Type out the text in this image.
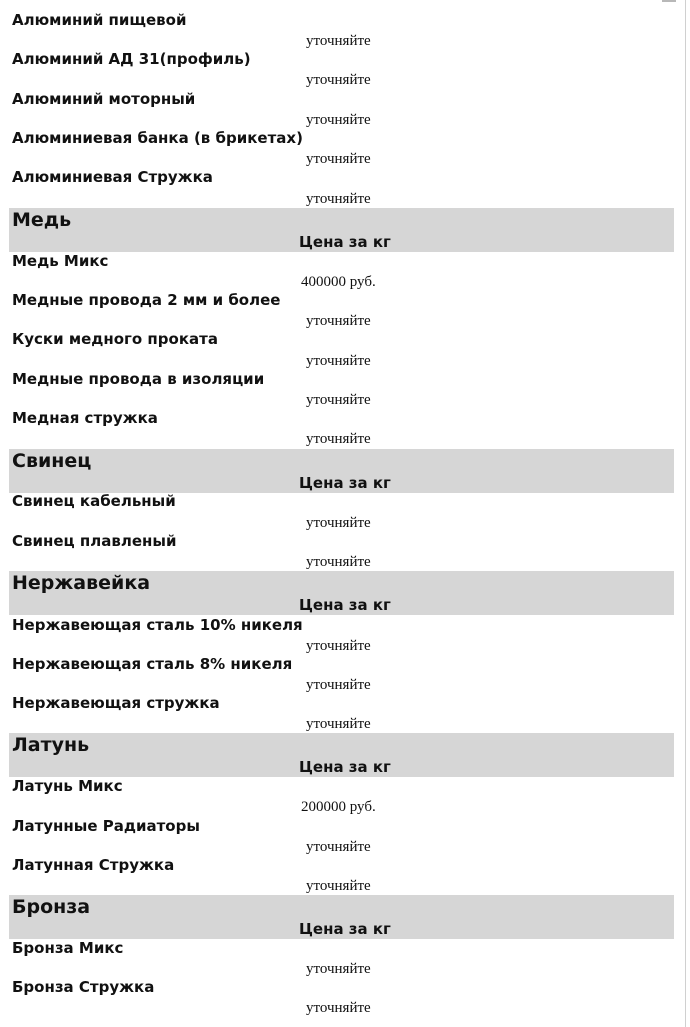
Алюминий пищевой
уточняйте
Алюминий АД 31(профиль)
уточняйте
Алюминий моторный
уточняйте
Алюминиевая банка (в брикетах)
уточняйте
Алюминиевая Стружка
уточняйте
Медь
Цена за кг
Медь Микс
400000 руб.
Медные провода 2 мм и более
уточняйте
Куски медного проката
уточняйте
Медные провода в изоляции
уточняйте
Медная стружка
уточняйте
Свинец
Цена за кг
Свинец кабельный
уточняйте
Свинец плавленый
уточняйте
Нержавейка
Цена за кг
Нержавеющая сталь 10% никеля
уточняйте
Нержавеющая сталь 8% никеля
уточняйте
Нержавеющая стружка
уточняйте
Латунь
Цена за кг
Латунь Микс
200000 руб.
Латунные Радиаторы
уточняйте
Латунная Стружка
уточняйте
Бронза
Цена за кг
Бронза Микс
уточняйте
Бронза Стружка
уточняйте
